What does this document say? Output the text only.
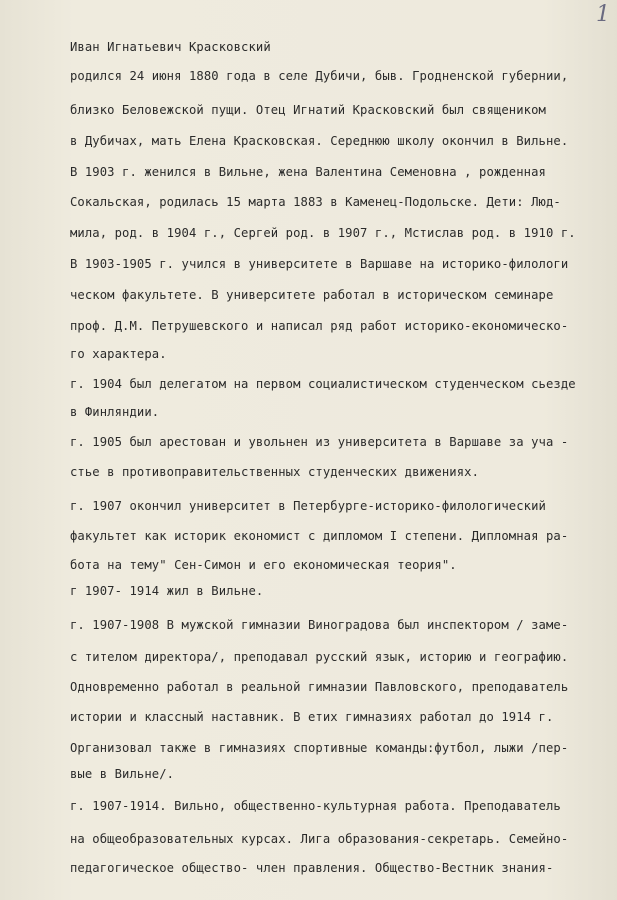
1
Иван Игнатьевич Красковский
родился 24 июня 1880 года в селе Дубичи, быв. Гродненской губернии,
близко Беловежской пущи. Отец Игнатий Красковский был священиком
в Дубичах, мать Елена Красковская. Середнюю школу окончил в Вильне.
В 1903 г. женился в Вильне, жена Валентина Семеновна , рожденная
Сокальская, родилась 15 марта 1883 в Каменец-Подольске. Дети: Люд-
мила, род. в 1904 г., Сергей род. в 1907 г., Мстислав род. в 1910 г.
В 1903-1905 г. учился в университете в Варшаве на историко-филологи
ческом факультете. В университете работал в историческом семинаре
проф. Д.М. Петрушевского и написал ряд работ историко-економическо-
го характера.
г. 1904 был делегатом на первом социалистическом студенческом сьезде
в Финляндии.
г. 1905 был арестован и увольнен из университета в Варшаве за уча -
стье в противоправительственных студенческих движениях.
г. 1907 окончил университет в Петербурге-историко-филологический
факультет как историк економист с дипломом I степени. Дипломная ра-
бота на тему" Сен-Симон и его економическая теория".
г 1907- 1914 жил в Вильне.
г. 1907-1908 В мужской гимназии Виноградова был инспектором / заме-
с тителом директора/, преподавал русский язык, историю и географию.
Одновременно работал в реальной гимназии Павловского, преподаватель
истории и классный наставник. В етих гимназиях работал до 1914 г.
Организовал также в гимназиях спортивные команды:футбол, лыжи /пер-
вые в Вильне/.
г. 1907-1914. Вильно, общественно-культурная работа. Преподаватель
на общеобразовательных курсах. Лига образования-секретарь. Семейно-
педагогическое общество- член правления. Общество-Вестник знания-
